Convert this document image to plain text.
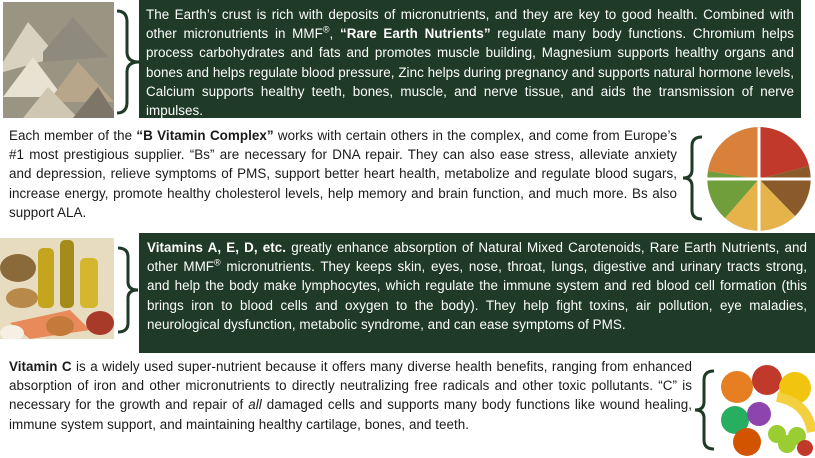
The Earth’s crust is rich with deposits of micronutrients, and they are key to good health. Combined with other micronutrients in MMF®, “Rare Earth Nutrients” regulate many body functions. Chromium helps process carbohydrates and fats and promotes muscle building, Magnesium supports healthy organs and bones and helps regulate blood pressure, Zinc helps during pregnancy and supports natural hormone levels, Calcium supports healthy teeth, bones, muscle, and nerve tissue, and aids the transmission of nerve impulses.
Each member of the “B Vitamin Complex” works with certain others in the complex, and come from Europe’s #1 most prestigious supplier. “Bs” are necessary for DNA repair. They can also ease stress, alleviate anxiety and depression, relieve symptoms of PMS, support better heart health, metabolize and regulate blood sugars, increase energy, promote healthy cholesterol levels, help memory and brain function, and much more. Bs also support ALA.
Vitamins A, E, D, etc. greatly enhance absorption of Natural Mixed Carotenoids, Rare Earth Nutrients, and other MMF® micronutrients. They keeps skin, eyes, nose, throat, lungs, digestive and urinary tracts strong, and help the body make lymphocytes, which regulate the immune system and red blood cell formation (this brings iron to blood cells and oxygen to the body). They help fight toxins, air pollution, eye maladies, neurological dysfunction, metabolic syndrome, and can ease symptoms of PMS.
Vitamin C is a widely used super-nutrient because it offers many diverse health benefits, ranging from enhanced absorption of iron and other micronutrients to directly neutralizing free radicals and other toxic pollutants. “C” is necessary for the growth and repair of all damaged cells and supports many body functions like wound healing, immune system support, and maintaining healthy cartilage, bones, and teeth.
